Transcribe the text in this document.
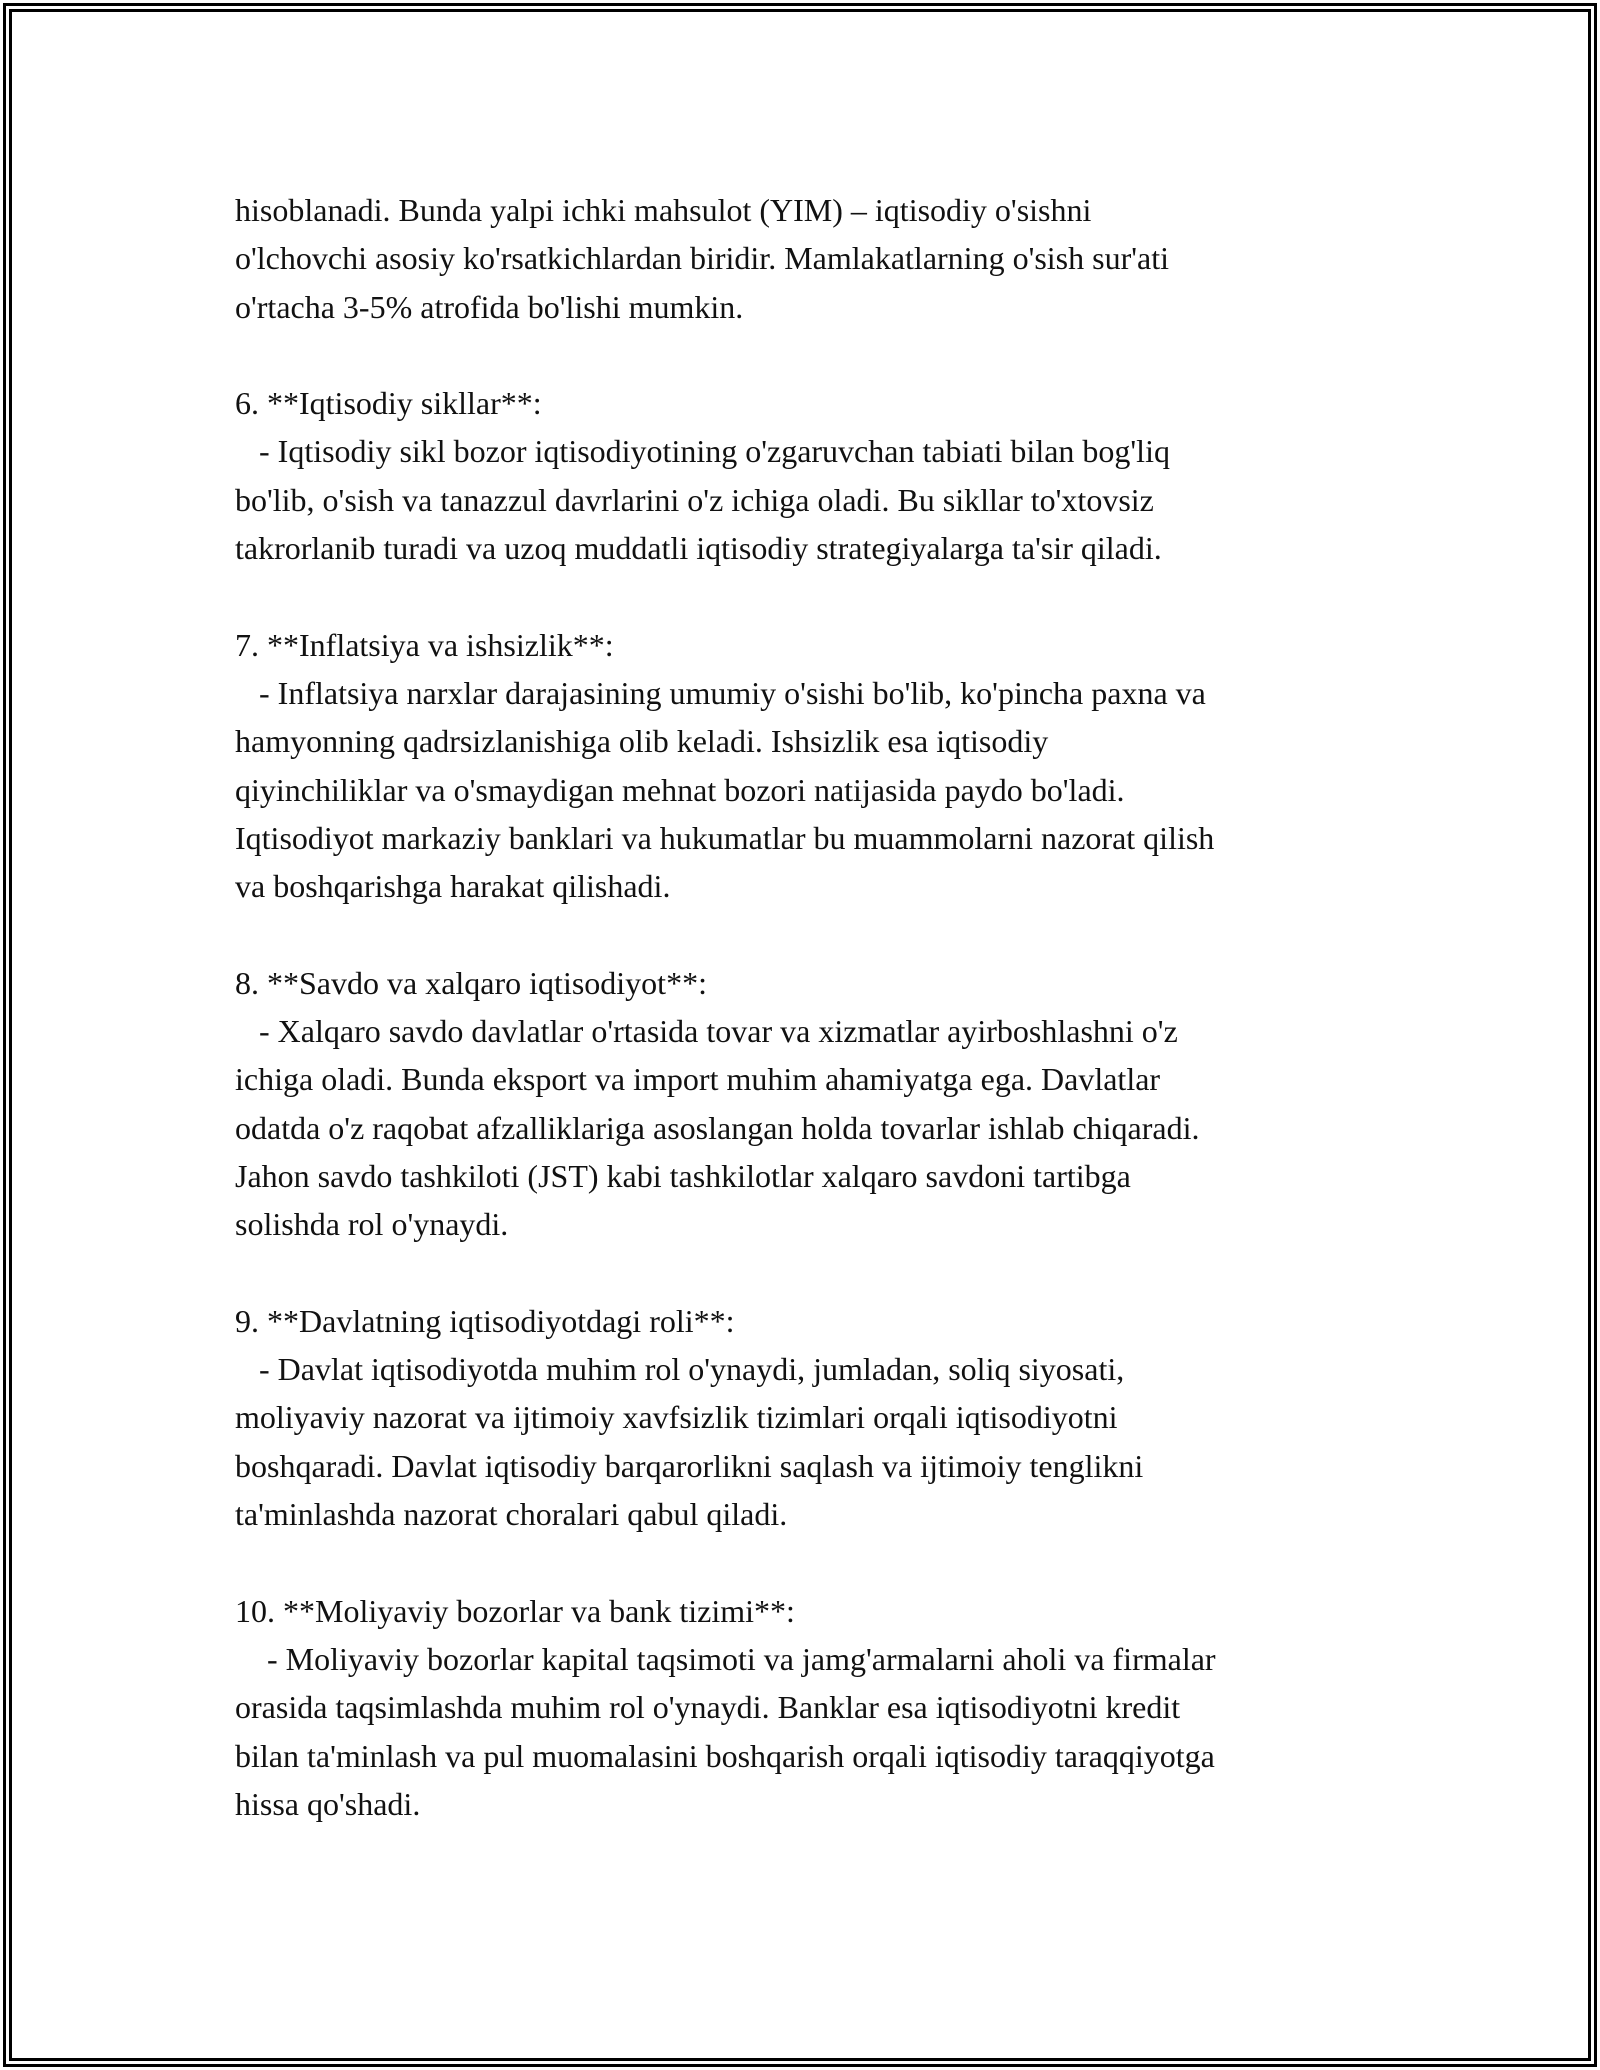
hisoblanadi. Bunda yalpi ichki mahsulot (YIM) – iqtisodiy o'sishni
o'lchovchi asosiy ko'rsatkichlardan biridir. Mamlakatlarning o'sish sur'ati
o'rtacha 3-5% atrofida bo'lishi mumkin.
6. **Iqtisodiy sikllar**:
- Iqtisodiy sikl bozor iqtisodiyotining o'zgaruvchan tabiati bilan bog'liq
bo'lib, o'sish va tanazzul davrlarini o'z ichiga oladi. Bu sikllar to'xtovsiz
takrorlanib turadi va uzoq muddatli iqtisodiy strategiyalarga ta'sir qiladi.
7. **Inflatsiya va ishsizlik**:
- Inflatsiya narxlar darajasining umumiy o'sishi bo'lib, ko'pincha paxna va
hamyonning qadrsizlanishiga olib keladi. Ishsizlik esa iqtisodiy
qiyinchiliklar va o'smaydigan mehnat bozori natijasida paydo bo'ladi.
Iqtisodiyot markaziy banklari va hukumatlar bu muammolarni nazorat qilish
va boshqarishga harakat qilishadi.
8. **Savdo va xalqaro iqtisodiyot**:
- Xalqaro savdo davlatlar o'rtasida tovar va xizmatlar ayirboshlashni o'z
ichiga oladi. Bunda eksport va import muhim ahamiyatga ega. Davlatlar
odatda o'z raqobat afzalliklariga asoslangan holda tovarlar ishlab chiqaradi.
Jahon savdo tashkiloti (JST) kabi tashkilotlar xalqaro savdoni tartibga
solishda rol o'ynaydi.
9. **Davlatning iqtisodiyotdagi roli**:
- Davlat iqtisodiyotda muhim rol o'ynaydi, jumladan, soliq siyosati,
moliyaviy nazorat va ijtimoiy xavfsizlik tizimlari orqali iqtisodiyotni
boshqaradi. Davlat iqtisodiy barqarorlikni saqlash va ijtimoiy tenglikni
ta'minlashda nazorat choralari qabul qiladi.
10. **Moliyaviy bozorlar va bank tizimi**:
- Moliyaviy bozorlar kapital taqsimoti va jamg'armalarni aholi va firmalar
orasida taqsimlashda muhim rol o'ynaydi. Banklar esa iqtisodiyotni kredit
bilan ta'minlash va pul muomalasini boshqarish orqali iqtisodiy taraqqiyotga
hissa qo'shadi.
